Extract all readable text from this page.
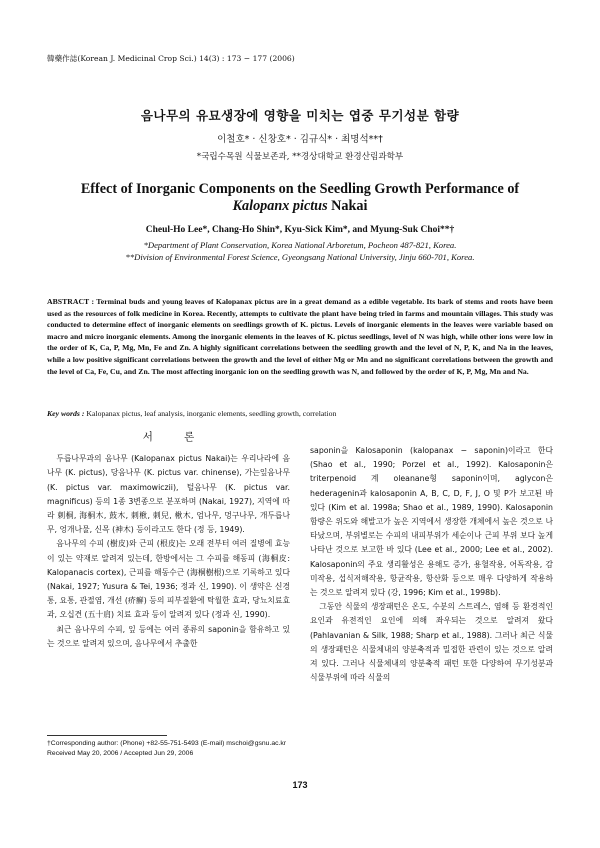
韓藥作誌(Korean J. Medicinal Crop Sci.) 14(3) : 173 − 177 (2006)
음나무의 유묘생장에 영향을 미치는 엽중 무기성분 함량
이철호* · 신창호* · 김규식* · 최명석**†
*국립수목원 식물보존과, **경상대학교 환경산림과학부
Effect of Inorganic Components on the Seedling Growth Performance of
Kalopanx pictus Nakai
Cheul-Ho Lee*, Chang-Ho Shin*, Kyu-Sick Kim*, and Myung-Suk Choi**†
*Department of Plant Conservation, Korea National Arboretum, Pocheon 487-821, Korea.
**Division of Environmental Forest Science, Gyeongsang National University, Jinju 660-701, Korea.
ABSTRACT : Terminal buds and young leaves of Kalopanax pictus are in a great demand as a edible vegetable. Its bark of stems and roots have been used as the resources of folk medicine in Korea. Recently, attempts to cultivate the plant have being tried in farms and mountain villages. This study was conducted to determine effect of inorganic elements on seedlings growth of K. pictus. Levels of inorganic elements in the leaves were variable based on macro and micro inorganic elements. Among the inorganic elements in the leaves of K. pictus seedlings, level of N was high, while other ions were low in the order of K, Ca, P, Mg, Mn, Fe and Zn. A highly significant correlations between the seedling growth and the level of N, P, K, and Na in the leaves, while a low positive significant correlations between the growth and the level of either Mg or Mn and no significant correlations between the growth and the level of Ca, Fe, Cu, and Zn. The most affecting inorganic ion on the seedling growth was N, and followed by the order of K, P, Mg, Mn and Na.
Key words : Kalopanax pictus, leaf analysis, inorganic elements, seedling growth, correlation
서 론

두릅나무과의 음나무 (Kalopanax pictus Nakai)는 우리나라에 음나무 (K. pictus), 당음나무 (K. pictus var. chinense), 가는잎음나무 (K. pictus var. maximowiczii), 털음나무 (K. pictus var. magnificus) 등의 1종 3변종으로 분포하며 (Nakai, 1927), 지역에 따라 刺桐, 海桐木, 鼓木, 刺楸, 刺兒, 楸木, 엄나무, 멍구나무, 개두릅나무, 엉개나물, 신목 (神木) 등이라고도 한다 (정 등, 1949).

음나무의 수피 (樹皮)와 근피 (根皮)는 오래 전부터 여러 질병에 효능이 있는 약재로 알려져 있는데, 한방에서는 그 수피를 해동피 (海桐皮: Kalopanacis cortex), 근피를 해동수근 (海桐樹根)으로 기록하고 있다 (Nakai, 1927; Yusura & Tei, 1936; 정과 신, 1990). 이 생약은 신경통, 요통, 관절염, 개선 (疥癬) 등의 피부질환에 탁월한 효과, 당뇨치료효과, 오십견 (五十肩) 치료 효과 등이 알려져 있다 (정과 신, 1990).

최근 음나무의 수피, 잎 등에는 여러 종류의 saponin을 함유하고 있는 것으로 알려져 있으며, 음나무에서 추출한

saponin을 Kalosaponin (kalopanax − saponin)이라고 한다 (Shao et al., 1990; Porzel et al., 1992). Kalosaponin은 triterpenoid 계 oleanane형 saponin이며, aglycon은 hederagenin과 kalosaponin A, B, C, D, F, J, O 및 P가 보고된 바 있다 (Kim et al. 1998a; Shao et al., 1989, 1990). Kalosaponin 함량은 위도와 해발고가 높은 지역에서 생장한 개체에서 높은 것으로 나타났으며, 부위별로는 수피의 내피부위가 세순이나 근피 부위 보다 높게 나타난 것으로 보고한 바 있다 (Lee et al., 2000; Lee et al., 2002). Kalosaponin의 주요 생리활성은 용해도 증가, 용혈작용, 어독작용, 감미작용, 섭식저해작용, 항균작용, 항산화 등으로 매우 다양하게 작용하는 것으로 알려져 있다 (강, 1996; Kim et al., 1998b).

그동안 식물의 생장패턴은 온도, 수분의 스트레스, 염해 등 환경적인 요인과 유전적인 요인에 의해 좌우되는 것으로 알려져 왔다 (Pahlavanian & Silk, 1988; Sharp et al., 1988). 그러나 최근 식물의 생장패턴은 식물체내의 양분축적과 밀접한 관련이 있는 것으로 알려져 있다. 그러나 식물체내의 양분축적 패턴 또한 다양하여 무기성분과 식물부위에 따라 식물의

†Corresponding author: (Phone) +82-55-751-5493 (E-mail) mschoi@gsnu.ac.kr
Received May 20, 2006 / Accepted Jun 29, 2006
173
